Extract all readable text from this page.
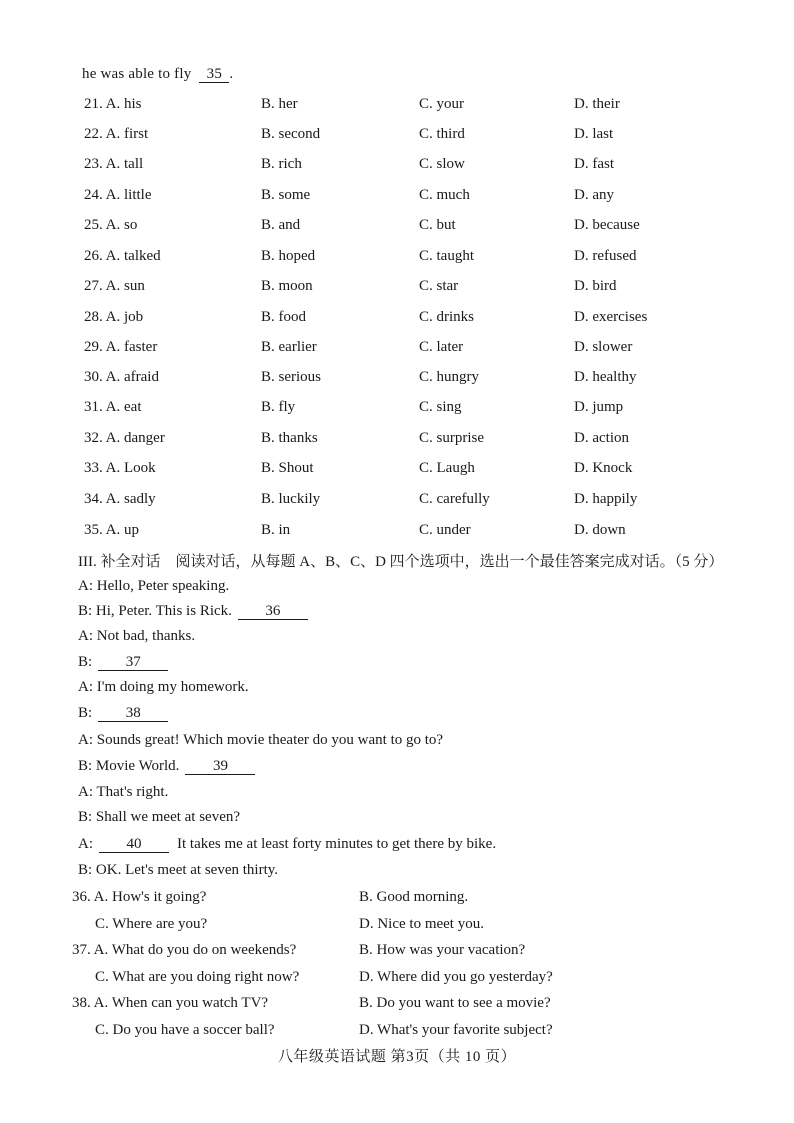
he was able to fly 35 .
21. A. his	B. her	C. your	D. their
22. A. first	B. second	C. third	D. last
23. A. tall	B. rich	C. slow	D. fast
24. A. little	B. some	C. much	D. any
25. A. so	B. and	C. but	D. because
26. A. talked	B. hoped	C. taught	D. refused
27. A. sun	B. moon	C. star	D. bird
28. A. job	B. food	C. drinks	D. exercises
29. A. faster	B. earlier	C. later	D. slower
30. A. afraid	B. serious	C. hungry	D. healthy
31. A. eat	B. fly	C. sing	D. jump
32. A. danger	B. thanks	C. surprise	D. action
33. A. Look	B. Shout	C. Laugh	D. Knock
34. A. sadly	B. luckily	C. carefully	D. happily
35. A. up	B. in	C. under	D. down
III. 补全对话　阅读对话，从每题 A、B、C、D 四个选项中，选出一个最佳答案完成对话。（5 分）
A: Hello, Peter speaking.
B: Hi, Peter. This is Rick. 36
A: Not bad, thanks.
B: 37
A: I'm doing my homework.
B: 38
A: Sounds great! Which movie theater do you want to go to?
B: Movie World. 39
A: That's right.
B: Shall we meet at seven?
A: 40 It takes me at least forty minutes to get there by bike.
B: OK. Let's meet at seven thirty.
36. A. How's it going?	B. Good morning.
C. Where are you?	D. Nice to meet you.
37. A. What do you do on weekends?	B. How was your vacation?
C. What are you doing right now?	D. Where did you go yesterday?
38. A. When can you watch TV?	B. Do you want to see a movie?
C. Do you have a soccer ball?	D. What's your favorite subject?
八年级英语试题 第3页（共 10 页）
